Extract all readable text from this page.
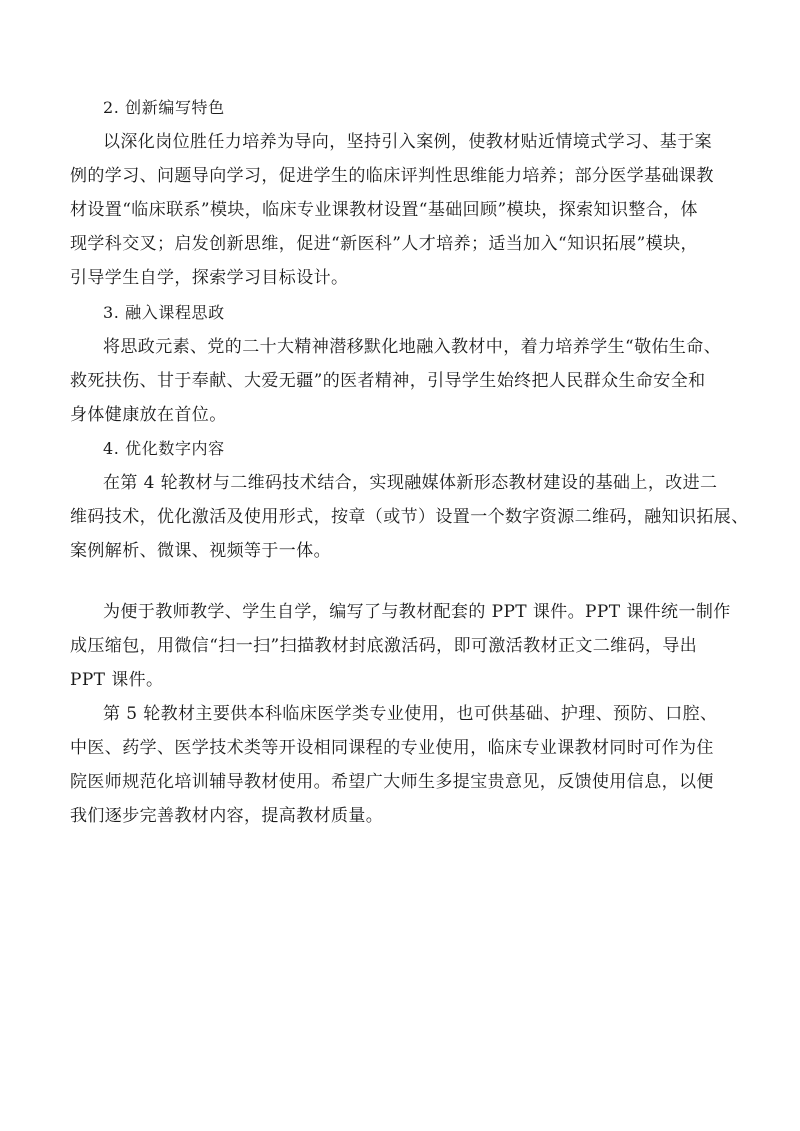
2. 创新编写特色
以深化岗位胜任力培养为导向，坚持引入案例，使教材贴近情境式学习、基于案
例的学习、问题导向学习，促进学生的临床评判性思维能力培养；部分医学基础课教
材设置“临床联系”模块，临床专业课教材设置“基础回顾”模块，探索知识整合，体
现学科交叉；启发创新思维，促进“新医科”人才培养；适当加入“知识拓展”模块，
引导学生自学，探索学习目标设计。
3. 融入课程思政
将思政元素、党的二十大精神潜移默化地融入教材中，着力培养学生“敬佑生命、
救死扶伤、甘于奉献、大爱无疆”的医者精神，引导学生始终把人民群众生命安全和
身体健康放在首位。
4. 优化数字内容
在第 4 轮教材与二维码技术结合，实现融媒体新形态教材建设的基础上，改进二
维码技术，优化激活及使用形式，按章（或节）设置一个数字资源二维码，融知识拓展、
案例解析、微课、视频等于一体。
为便于教师教学、学生自学，编写了与教材配套的 PPT 课件。PPT 课件统一制作
成压缩包，用微信“扫一扫”扫描教材封底激活码，即可激活教材正文二维码，导出
PPT 课件。
第 5 轮教材主要供本科临床医学类专业使用，也可供基础、护理、预防、口腔、
中医、药学、医学技术类等开设相同课程的专业使用，临床专业课教材同时可作为住
院医师规范化培训辅导教材使用。希望广大师生多提宝贵意见，反馈使用信息，以便
我们逐步完善教材内容，提高教材质量。
